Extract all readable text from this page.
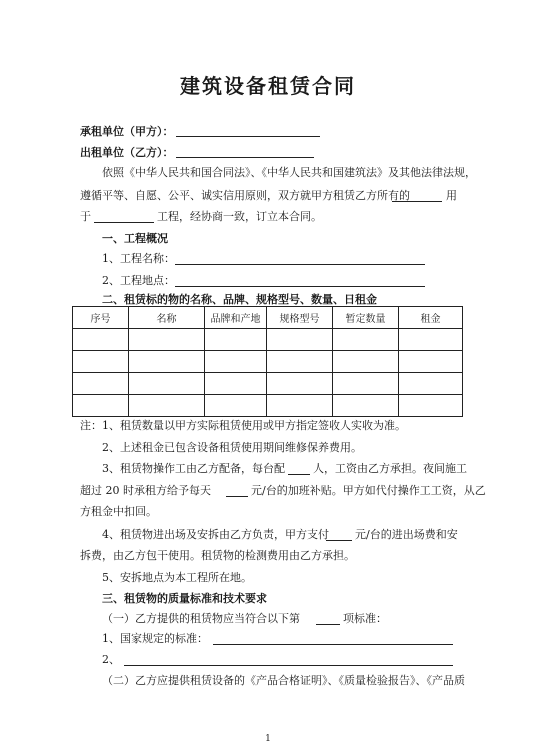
建筑设备租赁合同
承租单位（甲方）：
出租单位（乙方）：
依照《中华人民共和国合同法》、《中华人民共和国建筑法》及其他法律法规，
遵循平等、自愿、公平、诚实信用原则，双方就甲方租赁乙方所有的	用
于	工程，经协商一致，订立本合同。
一、工程概况
1、工程名称：
2、工程地点：
二、租赁标的物的名称、品牌、规格型号、数量、日租金
序号	名称	品牌和产地	规格型号	暂定数量	租金

注：1、租赁数量以甲方实际租赁使用或甲方指定签收人实收为准。
2、上述租金已包含设备租赁使用期间维修保养费用。
3、租赁物操作工由乙方配备，每台配	人，工资由乙方承担。夜间施工
超过 20 时承租方给予每天	元/台的加班补贴。甲方如代付操作工工资，从乙
方租金中扣回。
4、租赁物进出场及安拆由乙方负责，甲方支付 元/台的进出场费和安
拆费，由乙方包干使用。租赁物的检测费用由乙方承担。
5、安拆地点为本工程所在地。
三、租赁物的质量标准和技术要求
（一）乙方提供的租赁物应当符合以下第	项标准：
1、国家规定的标准：
2、
（二）乙方应提供租赁设备的《产品合格证明》、《质量检验报告》、《产品质
1
